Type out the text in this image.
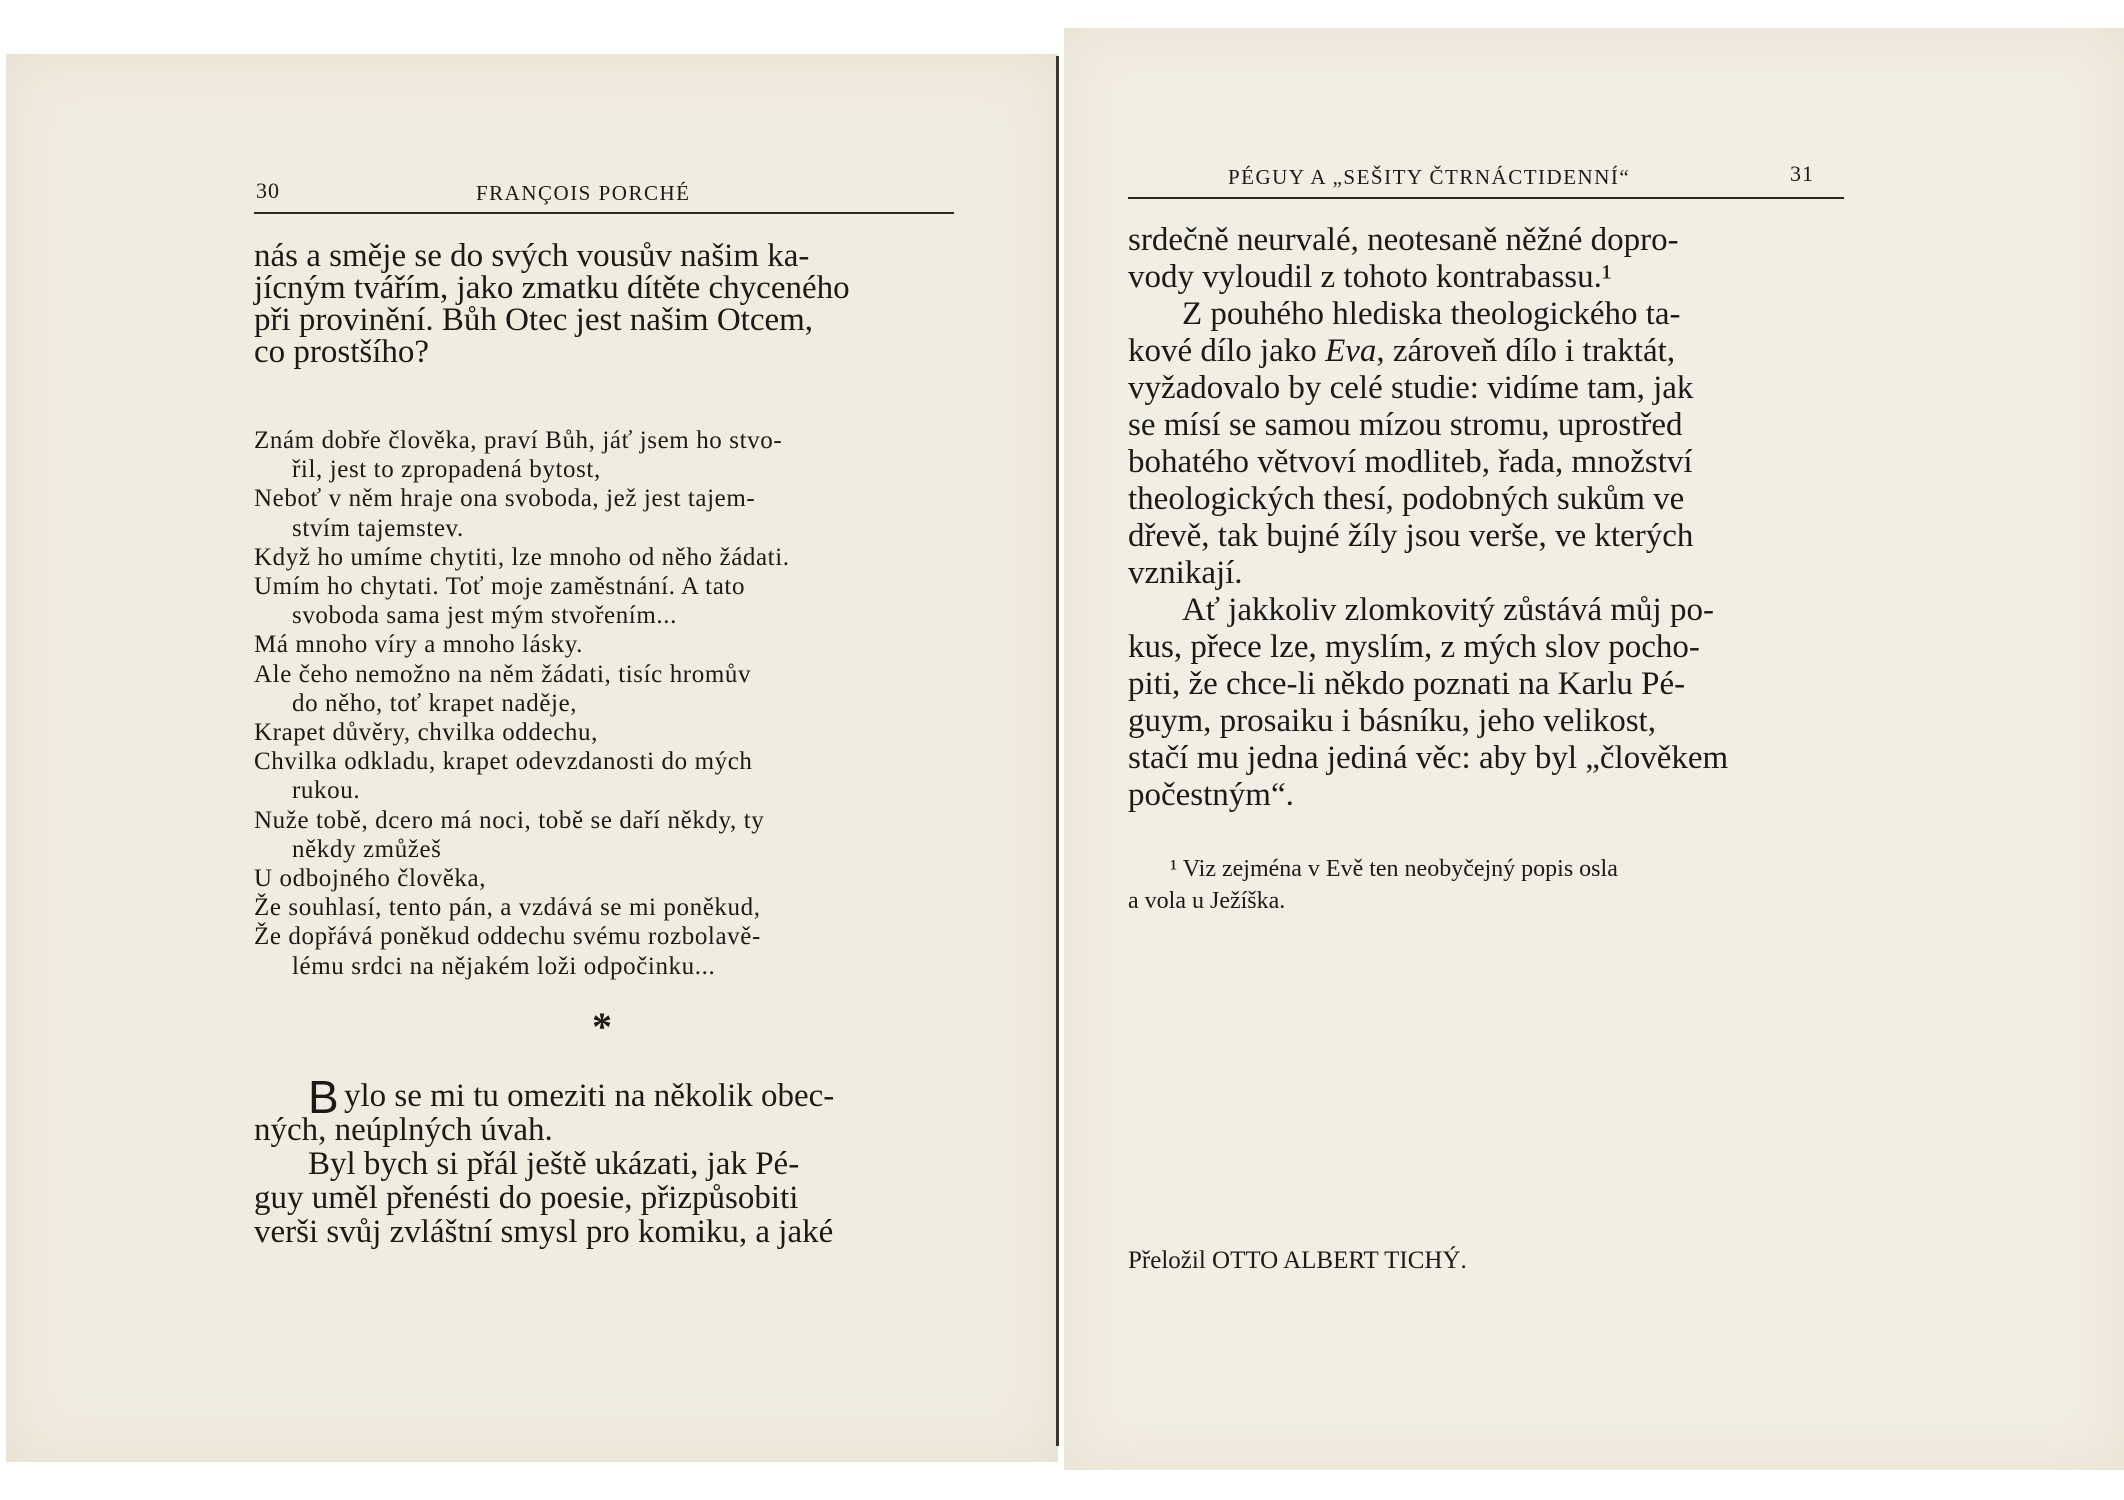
30	FRANÇOIS PORCHÉ
nás a směje se do svých vousův našim ka-
jícným tvářím, jako zmatku dítěte chyceného
při provinění. Bůh Otec jest našim Otcem,
co prostšího?
Znám dobře člověka, praví Bůh, jáť jsem ho stvo-
řil, jest to zpropadená bytost,
Neboť v něm hraje ona svoboda, jež jest tajem-
stvím tajemstev.
Když ho umíme chytiti, lze mnoho od něho žádati.
Umím ho chytati. Toť moje zaměstnání. A tato
svoboda sama jest mým stvořením...
Má mnoho víry a mnoho lásky.
Ale čeho nemožno na něm žádati, tisíc hromův
do něho, toť krapet naděje,
Krapet důvěry, chvilka oddechu,
Chvilka odkladu, krapet odevzdanosti do mých
rukou.
Nuže tobě, dcero má noci, tobě se daří někdy, ty
někdy zmůžeš
U odbojného člověka,
Že souhlasí, tento pán, a vzdává se mi poněkud,
Že dopřává poněkud oddechu svému rozbolavě-
lému srdci na nějakém loži odpočinku...
*
B ylo se mi tu omeziti na několik obec-
ných, neúplných úvah.
Byl bych si přál ještě ukázati, jak Pé-
guy uměl přenésti do poesie, přizpůsobiti
verši svůj zvláštní smysl pro komiku, a jaké
PÉGUY A „SEŠITY ČTRNÁCTIDENNÍ“	31
srdečně neurvalé, neotesaně něžné dopro-
vody vyloudil z tohoto kontrabassu.¹
Z pouhého hlediska theologického ta-
kové dílo jako Eva, zároveň dílo i traktát,
vyžadovalo by celé studie: vidíme tam, jak
se mísí se samou mízou stromu, uprostřed
bohatého větvoví modliteb, řada, množství
theologických thesí, podobných sukům ve
dřevě, tak bujné žíly jsou verše, ve kterých
vznikají.
Ať jakkoliv zlomkovitý zůstává můj po-
kus, přece lze, myslím, z mých slov pocho-
piti, že chce-li někdo poznati na Karlu Pé-
guym, prosaiku i básníku, jeho velikost,
stačí mu jedna jediná věc: aby byl „člověkem
počestným“.
¹ Viz zejména v Evě ten neobyčejný popis osla
a vola u Ježíška.
Přeložil OTTO ALBERT TICHÝ.
